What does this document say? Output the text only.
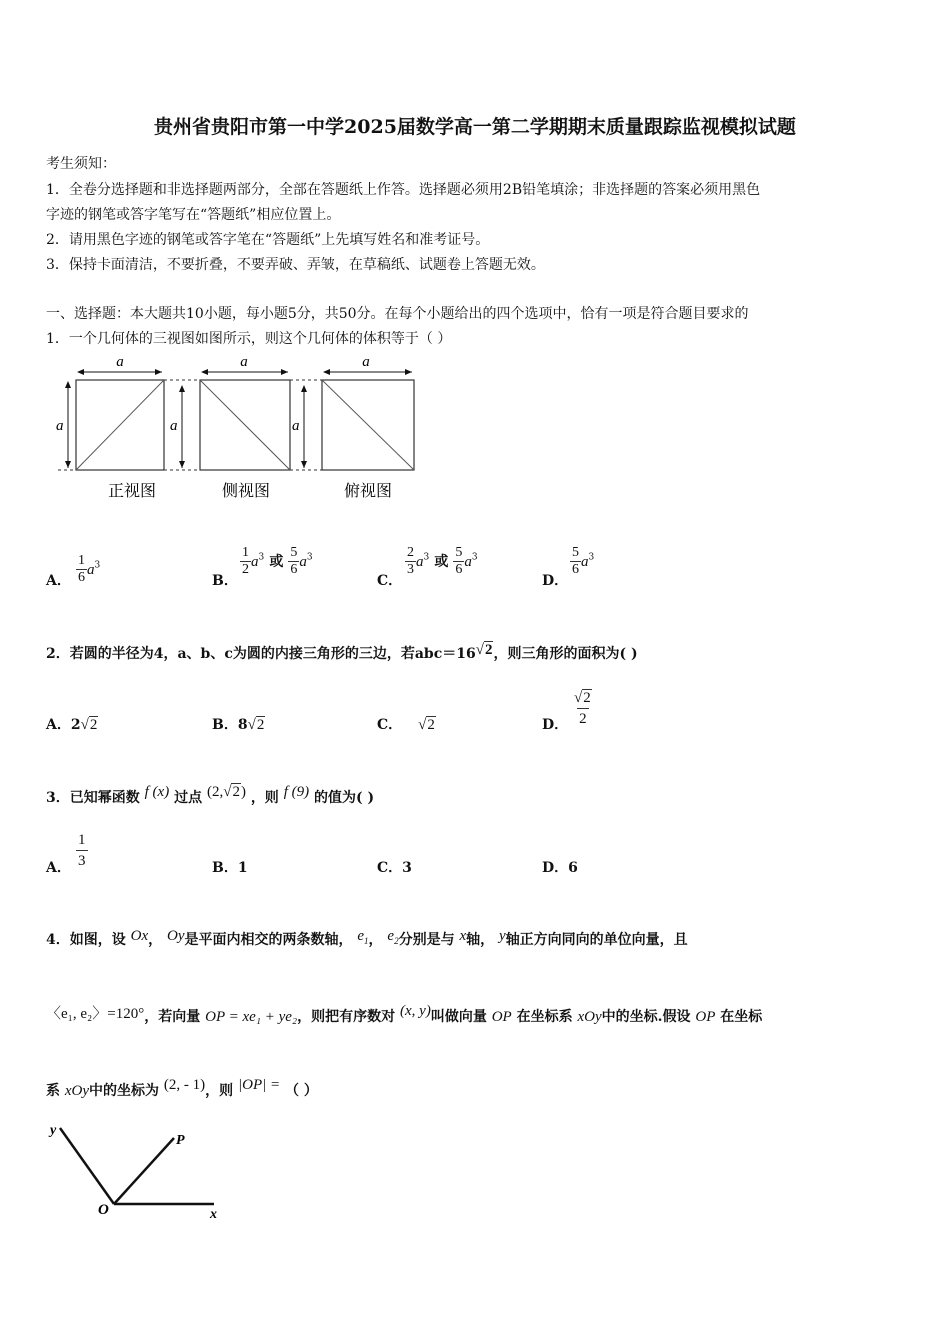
贵州省贵阳市第一中学2025届数学高一第二学期期末质量跟踪监视模拟试题
考生须知：
1．全卷分选择题和非选择题两部分，全部在答题纸上作答。选择题必须用2B铅笔填涂；非选择题的答案必须用黑色
字迹的钢笔或答字笔写在“答题纸”相应位置上。
2．请用黑色字迹的钢笔或答字笔在“答题纸”上先填写姓名和准考证号。
3．保持卡面清洁，不要折叠，不要弄破、弄皱，在草稿纸、试题卷上答题无效。
一、选择题：本大题共10小题，每小题5分，共50分。在每个小题给出的四个选项中，恰有一项是符合题目要求的
1．一个几何体的三视图如图所示，则这个几何体的体积等于（ ）
a
a
a
a
a
a
正视图	侧视图	俯视图
A． $\frac{1}{6} a^3$
B．
$\frac{1}{2} a^3$ 或 $\frac{5}{6} a^3$
C．
$\frac{2}{3} a^3$ 或 $\frac{5}{6} a^3$
D．
$\frac{5}{6} a^3$
2．若圆的半径为4，a、b、c为圆的内接三角形的三边，若abc＝16√2，则三角形的面积为( )
A．2√2	B．8√2	C． √2	D． $\frac{√2}{2}$
3．已知幂函数 f (x) 过点 (2,√2) ，则 f (9) 的值为( )
A． $\frac{1}{3}$	B．1	C．3	D．6
4．如图，设 Ox， Oy是平面内相交的两条数轴， $e_1$， $e_2$分别是与 x轴， y轴正方向同向的单位向量，且
〈e₁, e₂〉=120°，若向量 OP = xe₁ + ye₂，则把有序数对 (x, y)叫做向量 OP 在坐标系 xOy中的坐标.假设 OP 在坐标
系 xOy中的坐标为 (2, - 1)，则 |OP| = （ ）
y
P
O	x
